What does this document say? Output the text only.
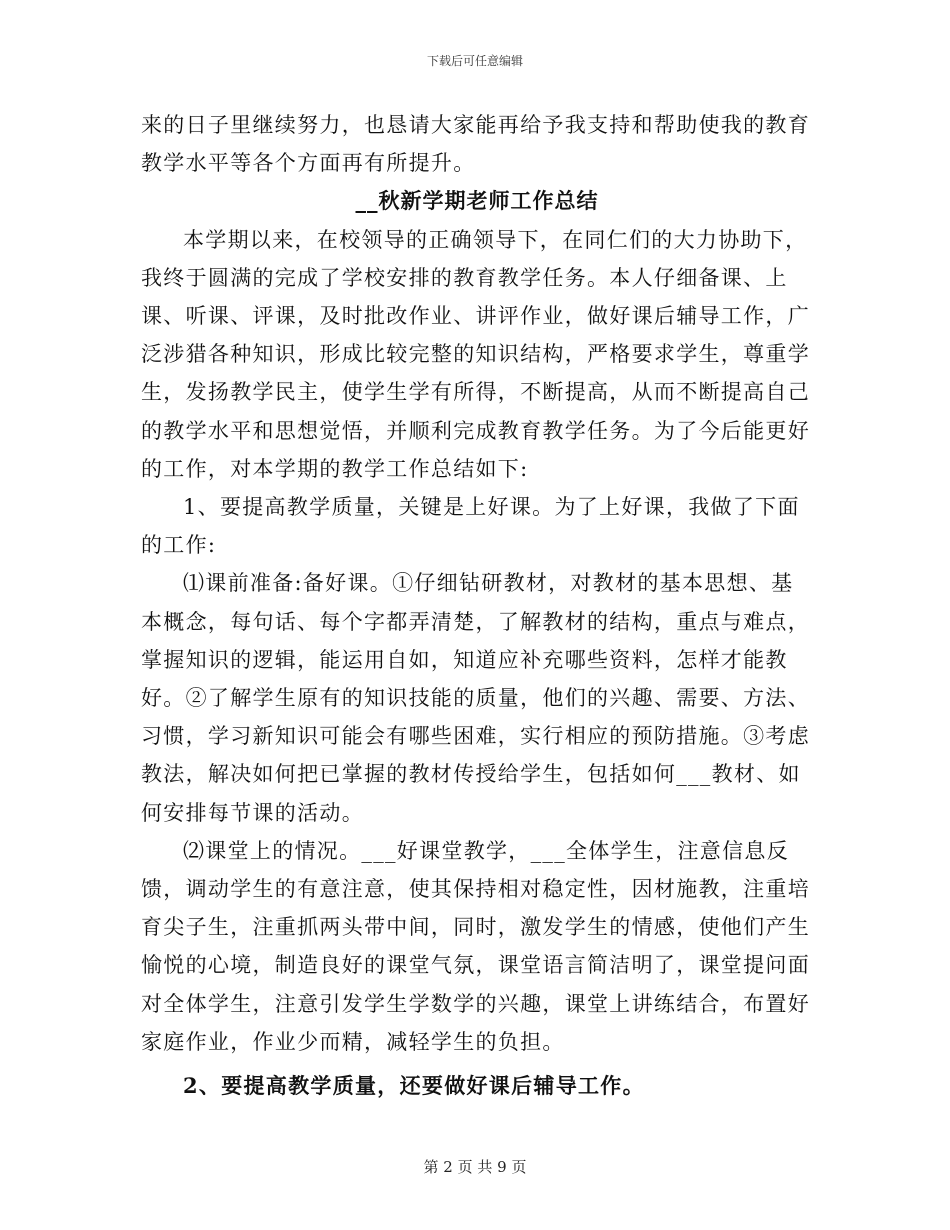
下载后可任意编辑

来的日子里继续努力，也恳请大家能再给予我支持和帮助使我的教育教学水平等各个方面再有所提升。

__秋新学期老师工作总结

本学期以来，在校领导的正确领导下，在同仁们的大力协助下，我终于圆满的完成了学校安排的教育教学任务。本人仔细备课、上课、听课、评课，及时批改作业、讲评作业，做好课后辅导工作，广泛涉猎各种知识，形成比较完整的知识结构，严格要求学生，尊重学生，发扬教学民主，使学生学有所得，不断提高，从而不断提高自己的教学水平和思想觉悟，并顺利完成教育教学任务。为了今后能更好的工作，对本学期的教学工作总结如下:

1、要提高教学质量，关键是上好课。为了上好课，我做了下面的工作:

⑴课前准备:备好课。①仔细钻研教材，对教材的基本思想、基本概念，每句话、每个字都弄清楚，了解教材的结构，重点与难点，掌握知识的逻辑，能运用自如，知道应补充哪些资料，怎样才能教好。②了解学生原有的知识技能的质量，他们的兴趣、需要、方法、习惯，学习新知识可能会有哪些困难，实行相应的预防措施。③考虑教法，解决如何把已掌握的教材传授给学生，包括如何___教材、如何安排每节课的活动。

⑵课堂上的情况。___好课堂教学，___全体学生，注意信息反馈，调动学生的有意注意，使其保持相对稳定性，因材施教，注重培育尖子生，注重抓两头带中间，同时，激发学生的情感，使他们产生愉悦的心境，制造良好的课堂气氛，课堂语言简洁明了，课堂提问面对全体学生，注意引发学生学数学的兴趣，课堂上讲练结合，布置好家庭作业，作业少而精，减轻学生的负担。

2、要提高教学质量，还要做好课后辅导工作。

第 2 页 共 9 页
